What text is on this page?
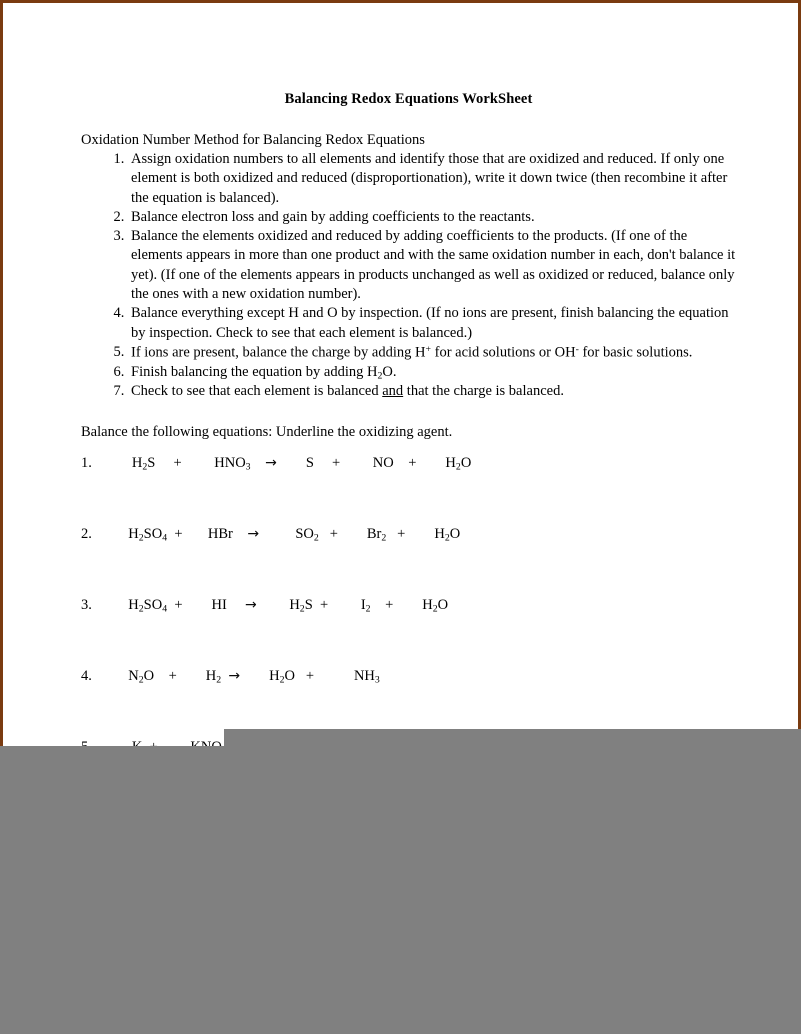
Balancing Redox Equations WorkSheet
Oxidation Number Method for Balancing Redox Equations
1. Assign oxidation numbers to all elements and identify those that are oxidized and reduced. If only one element is both oxidized and reduced (disproportionation), write it down twice (then recombine it after the equation is balanced).
2. Balance electron loss and gain by adding coefficients to the reactants.
3. Balance the elements oxidized and reduced by adding coefficients to the products. (If one of the elements appears in more than one product and with the same oxidation number in each, don't balance it yet). (If one of the elements appears in products unchanged as well as oxidized or reduced, balance only the ones with a new oxidation number).
4. Balance everything except H and O by inspection. (If no ions are present, finish balancing the equation by inspection. Check to see that each element is balanced.)
5. If ions are present, balance the charge by adding H+ for acid solutions or OH- for basic solutions.
6. Finish balancing the equation by adding $H_2O$.
7. Check to see that each element is balanced and that the charge is balanced.
Balance the following equations: Underline the oxidizing agent.
1.	$H_2S$     +         $HNO_3$ →        S     +         NO    +        $H_2O$
2.	$H_2SO_4$  +       HBr    →          $SO_2$   +        $Br_2$   +        $H_2O$
3.	$H_2SO_4$  +        HI     →         $H_2S$  +         $I_2$    +        $H_2O$
4.	$N_2O$    +        $H_2$ →        $H_2O$   +           $NH_3$
